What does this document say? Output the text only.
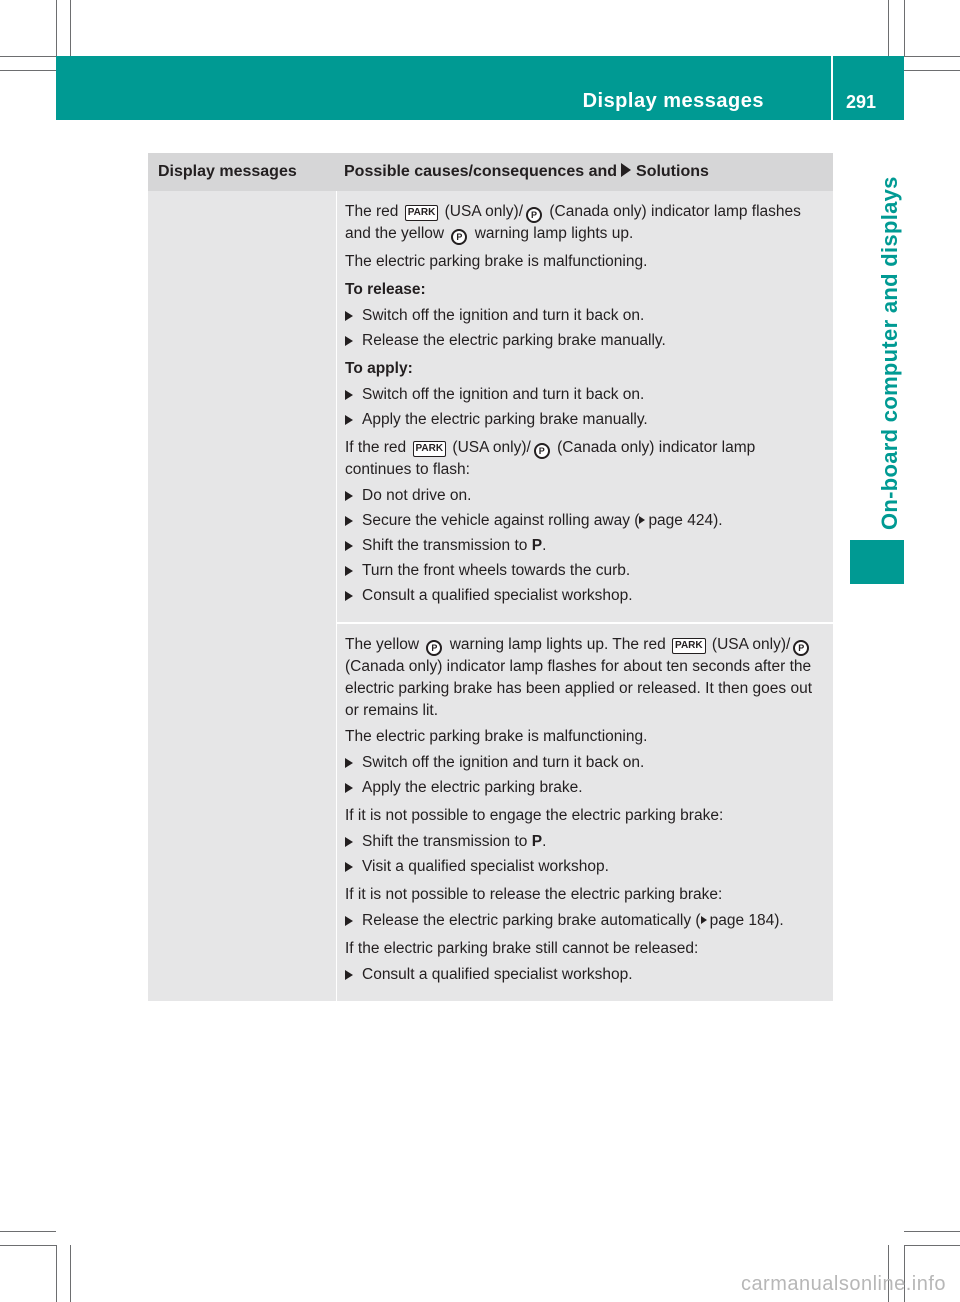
Display messages	291
On-board computer and displays
Display messages	Possible causes/consequences and Solutions

The red PARK (USA only)/ P (Canada only) indicator lamp flashes and the yellow P warning lamp lights up.

The electric parking brake is malfunctioning.

To release:

Switch off the ignition and turn it back on.
Release the electric parking brake manually.

To apply:

Switch off the ignition and turn it back on.
Apply the electric parking brake manually.

If the red PARK (USA only)/ P (Canada only) indicator lamp continues to flash:

Do not drive on.
Secure the vehicle against rolling away ( page 424).
Shift the transmission to P.
Turn the front wheels towards the curb.
Consult a qualified specialist workshop.

The yellow P warning lamp lights up. The red PARK (USA only)/ P (Canada only) indicator lamp flashes for about ten seconds after the electric parking brake has been applied or released. It then goes out or remains lit.

The electric parking brake is malfunctioning.

Switch off the ignition and turn it back on.
Apply the electric parking brake.

If it is not possible to engage the electric parking brake:

Shift the transmission to P.
Visit a qualified specialist workshop.

If it is not possible to release the electric parking brake:

Release the electric parking brake automatically ( page 184).

If the electric parking brake still cannot be released:

Consult a qualified specialist workshop.
carmanualsonline.info
